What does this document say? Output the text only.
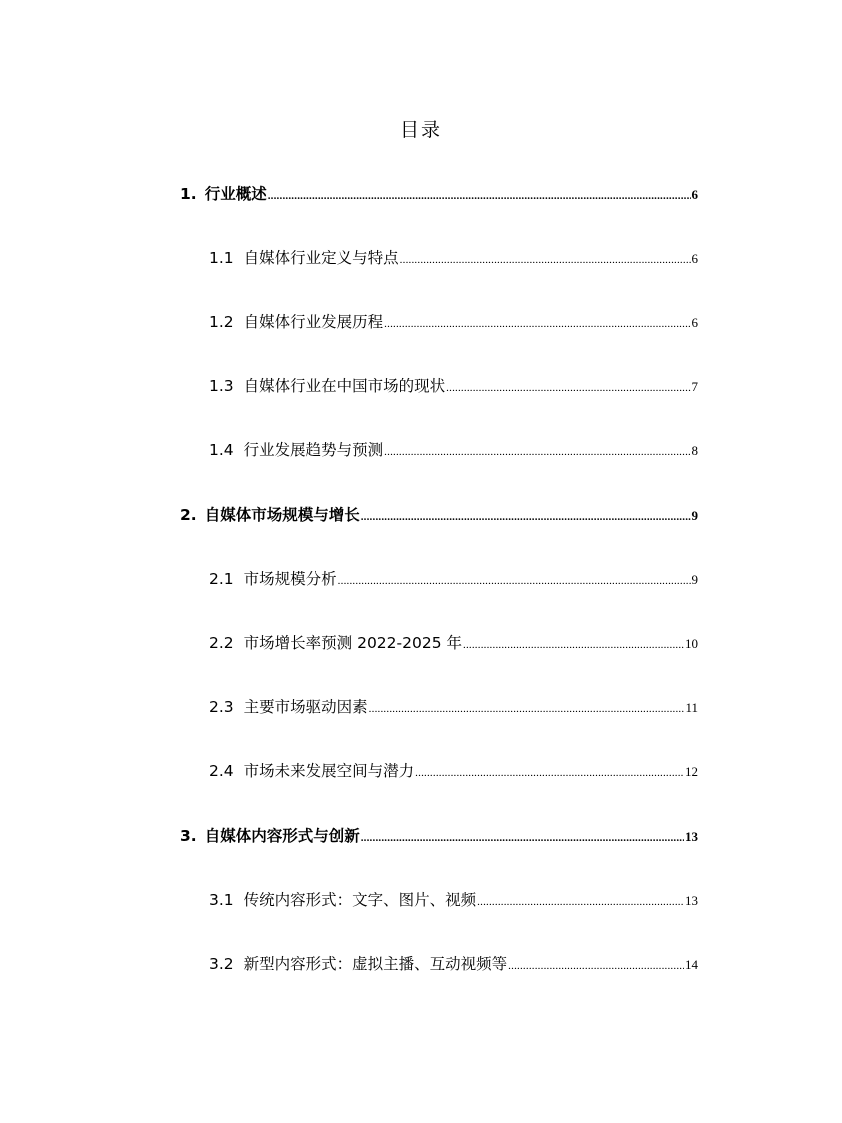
目录
1. 行业概述 .....	6
1.1 自媒体行业定义与特点 .....	6
1.2 自媒体行业发展历程 .....	6
1.3 自媒体行业在中国市场的现状 .....	7
1.4 行业发展趋势与预测 .....	8
2. 自媒体市场规模与增长 .....	9
2.1 市场规模分析 .....	9
2.2 市场增长率预测 2022-2025 年 .....	10
2.3 主要市场驱动因素 .....	11
2.4 市场未来发展空间与潜力 .....	12
3. 自媒体内容形式与创新 .....	13
3.1 传统内容形式：文字、图片、视频 .....	13
3.2 新型内容形式：虚拟主播、互动视频等 .....	14
